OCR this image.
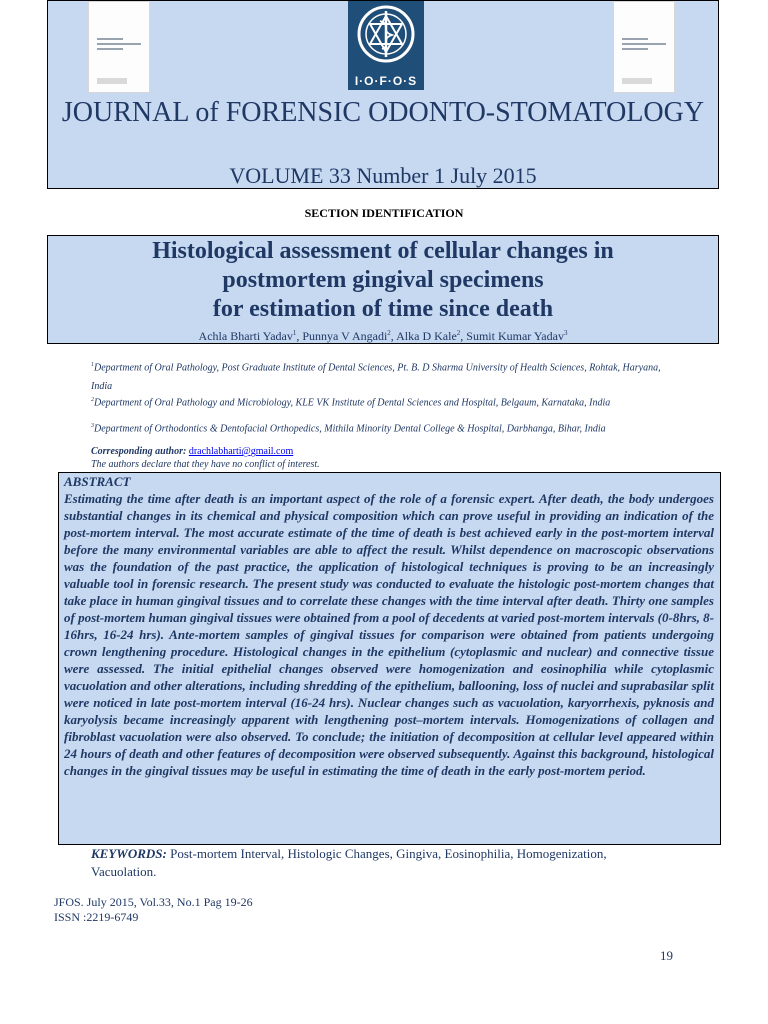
I·O·F·O·S
JOURNAL of FORENSIC ODONTO-STOMATOLOGY
VOLUME 33 Number 1 July 2015
SECTION IDENTIFICATION
Histological assessment of cellular changes in
postmortem gingival specimens
for estimation of time since death
Achla Bharti Yadav$^1$, Punnya V Angadi$^2$, Alka D Kale$^2$, Sumit Kumar Yadav$^3$
$^1$Department of Oral Pathology, Post Graduate Institute of Dental Sciences, Pt. B. D Sharma University of Health Sciences, Rohtak, Haryana, India
$^2$Department of Oral Pathology and Microbiology, KLE VK Institute of Dental Sciences and Hospital, Belgaum, Karnataka, India
$^3$Department of Orthodontics & Dentofacial Orthopedics, Mithila Minority Dental College & Hospital, Darbhanga, Bihar, India
Corresponding author: drachlabharti@gmail.com
The authors declare that they have no conflict of interest.
ABSTRACT
Estimating the time after death is an important aspect of the role of a forensic expert. After death, the body undergoes substantial changes in its chemical and physical composition which can prove useful in providing an indication of the post-mortem interval. The most accurate estimate of the time of death is best achieved early in the post-mortem interval before the many environmental variables are able to affect the result. Whilst dependence on macroscopic observations was the foundation of the past practice, the application of histological techniques is proving to be an increasingly valuable tool in forensic research. The present study was conducted to evaluate the histologic post-mortem changes that take place in human gingival tissues and to correlate these changes with the time interval after death. Thirty one samples of post-mortem human gingival tissues were obtained from a pool of decedents at varied post-mortem intervals (0-8hrs, 8-16hrs, 16-24 hrs). Ante-mortem samples of gingival tissues for comparison were obtained from patients undergoing crown lengthening procedure. Histological changes in the epithelium (cytoplasmic and nuclear) and connective tissue were assessed. The initial epithelial changes observed were homogenization and eosinophilia while cytoplasmic vacuolation and other alterations, including shredding of the epithelium, ballooning, loss of nuclei and suprabasilar split were noticed in late post-mortem interval (16-24 hrs). Nuclear changes such as vacuolation, karyorrhexis, pyknosis and karyolysis became increasingly apparent with lengthening post–mortem intervals. Homogenizations of collagen and fibroblast vacuolation were also observed. To conclude; the initiation of decomposition at cellular level appeared within 24 hours of death and other features of decomposition were observed subsequently. Against this background, histological changes in the gingival tissues may be useful in estimating the time of death in the early post-mortem period.
KEYWORDS: Post-mortem Interval, Histologic Changes, Gingiva, Eosinophilia, Homogenization, Vacuolation.
JFOS. July 2015, Vol.33, No.1 Pag 19-26
ISSN :2219-6749
19
